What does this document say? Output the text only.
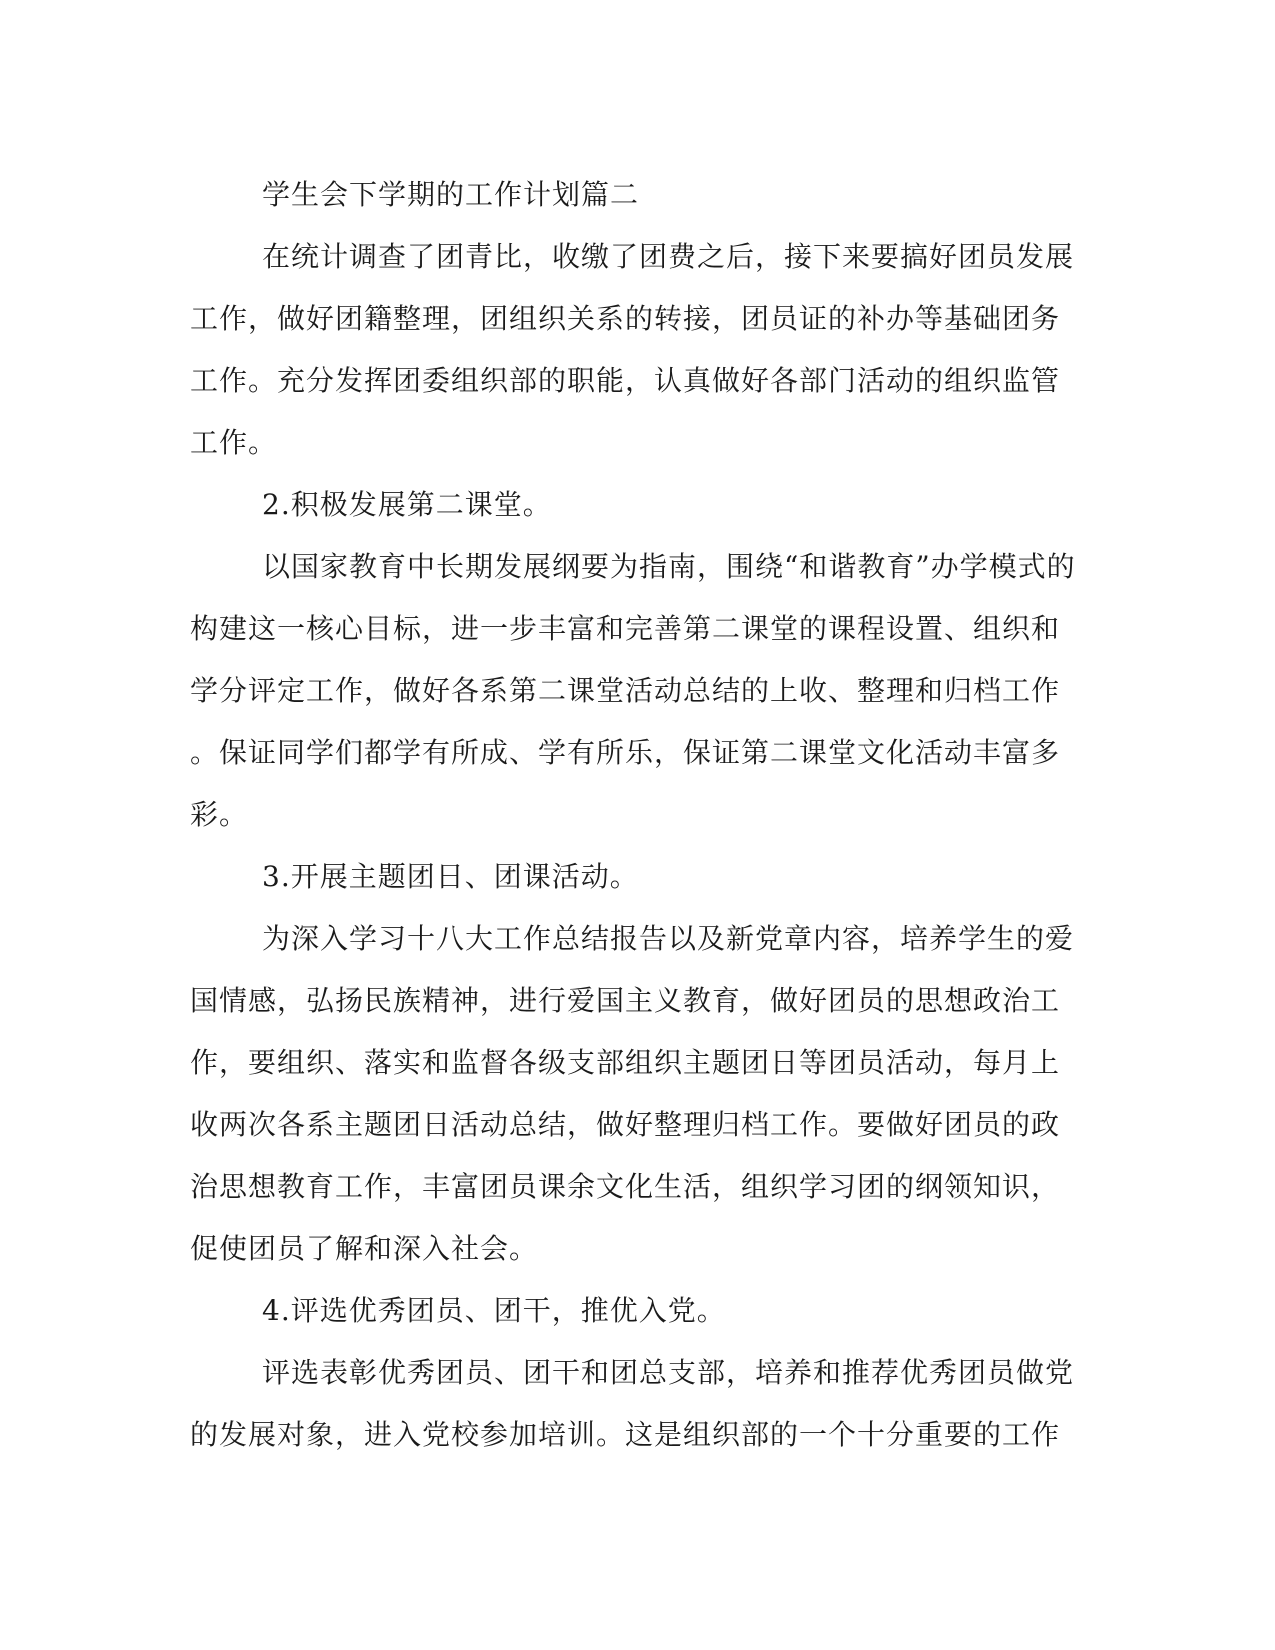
学生会下学期的工作计划篇二
在统计调查了团青比，收缴了团费之后，接下来要搞好团员发展
工作，做好团籍整理，团组织关系的转接，团员证的补办等基础团务
工作。充分发挥团委组织部的职能，认真做好各部门活动的组织监管
工作。
2.积极发展第二课堂。
以国家教育中长期发展纲要为指南，围绕“和谐教育”办学模式的
构建这一核心目标，进一步丰富和完善第二课堂的课程设置、组织和
学分评定工作，做好各系第二课堂活动总结的上收、整理和归档工作
。保证同学们都学有所成、学有所乐，保证第二课堂文化活动丰富多
彩。
3.开展主题团日、团课活动。
为深入学习十八大工作总结报告以及新党章内容，培养学生的爱
国情感，弘扬民族精神，进行爱国主义教育，做好团员的思想政治工
作，要组织、落实和监督各级支部组织主题团日等团员活动，每月上
收两次各系主题团日活动总结，做好整理归档工作。要做好团员的政
治思想教育工作，丰富团员课余文化生活，组织学习团的纲领知识，
促使团员了解和深入社会。
4.评选优秀团员、团干，推优入党。
评选表彰优秀团员、团干和团总支部，培养和推荐优秀团员做党
的发展对象，进入党校参加培训。这是组织部的一个十分重要的工作
